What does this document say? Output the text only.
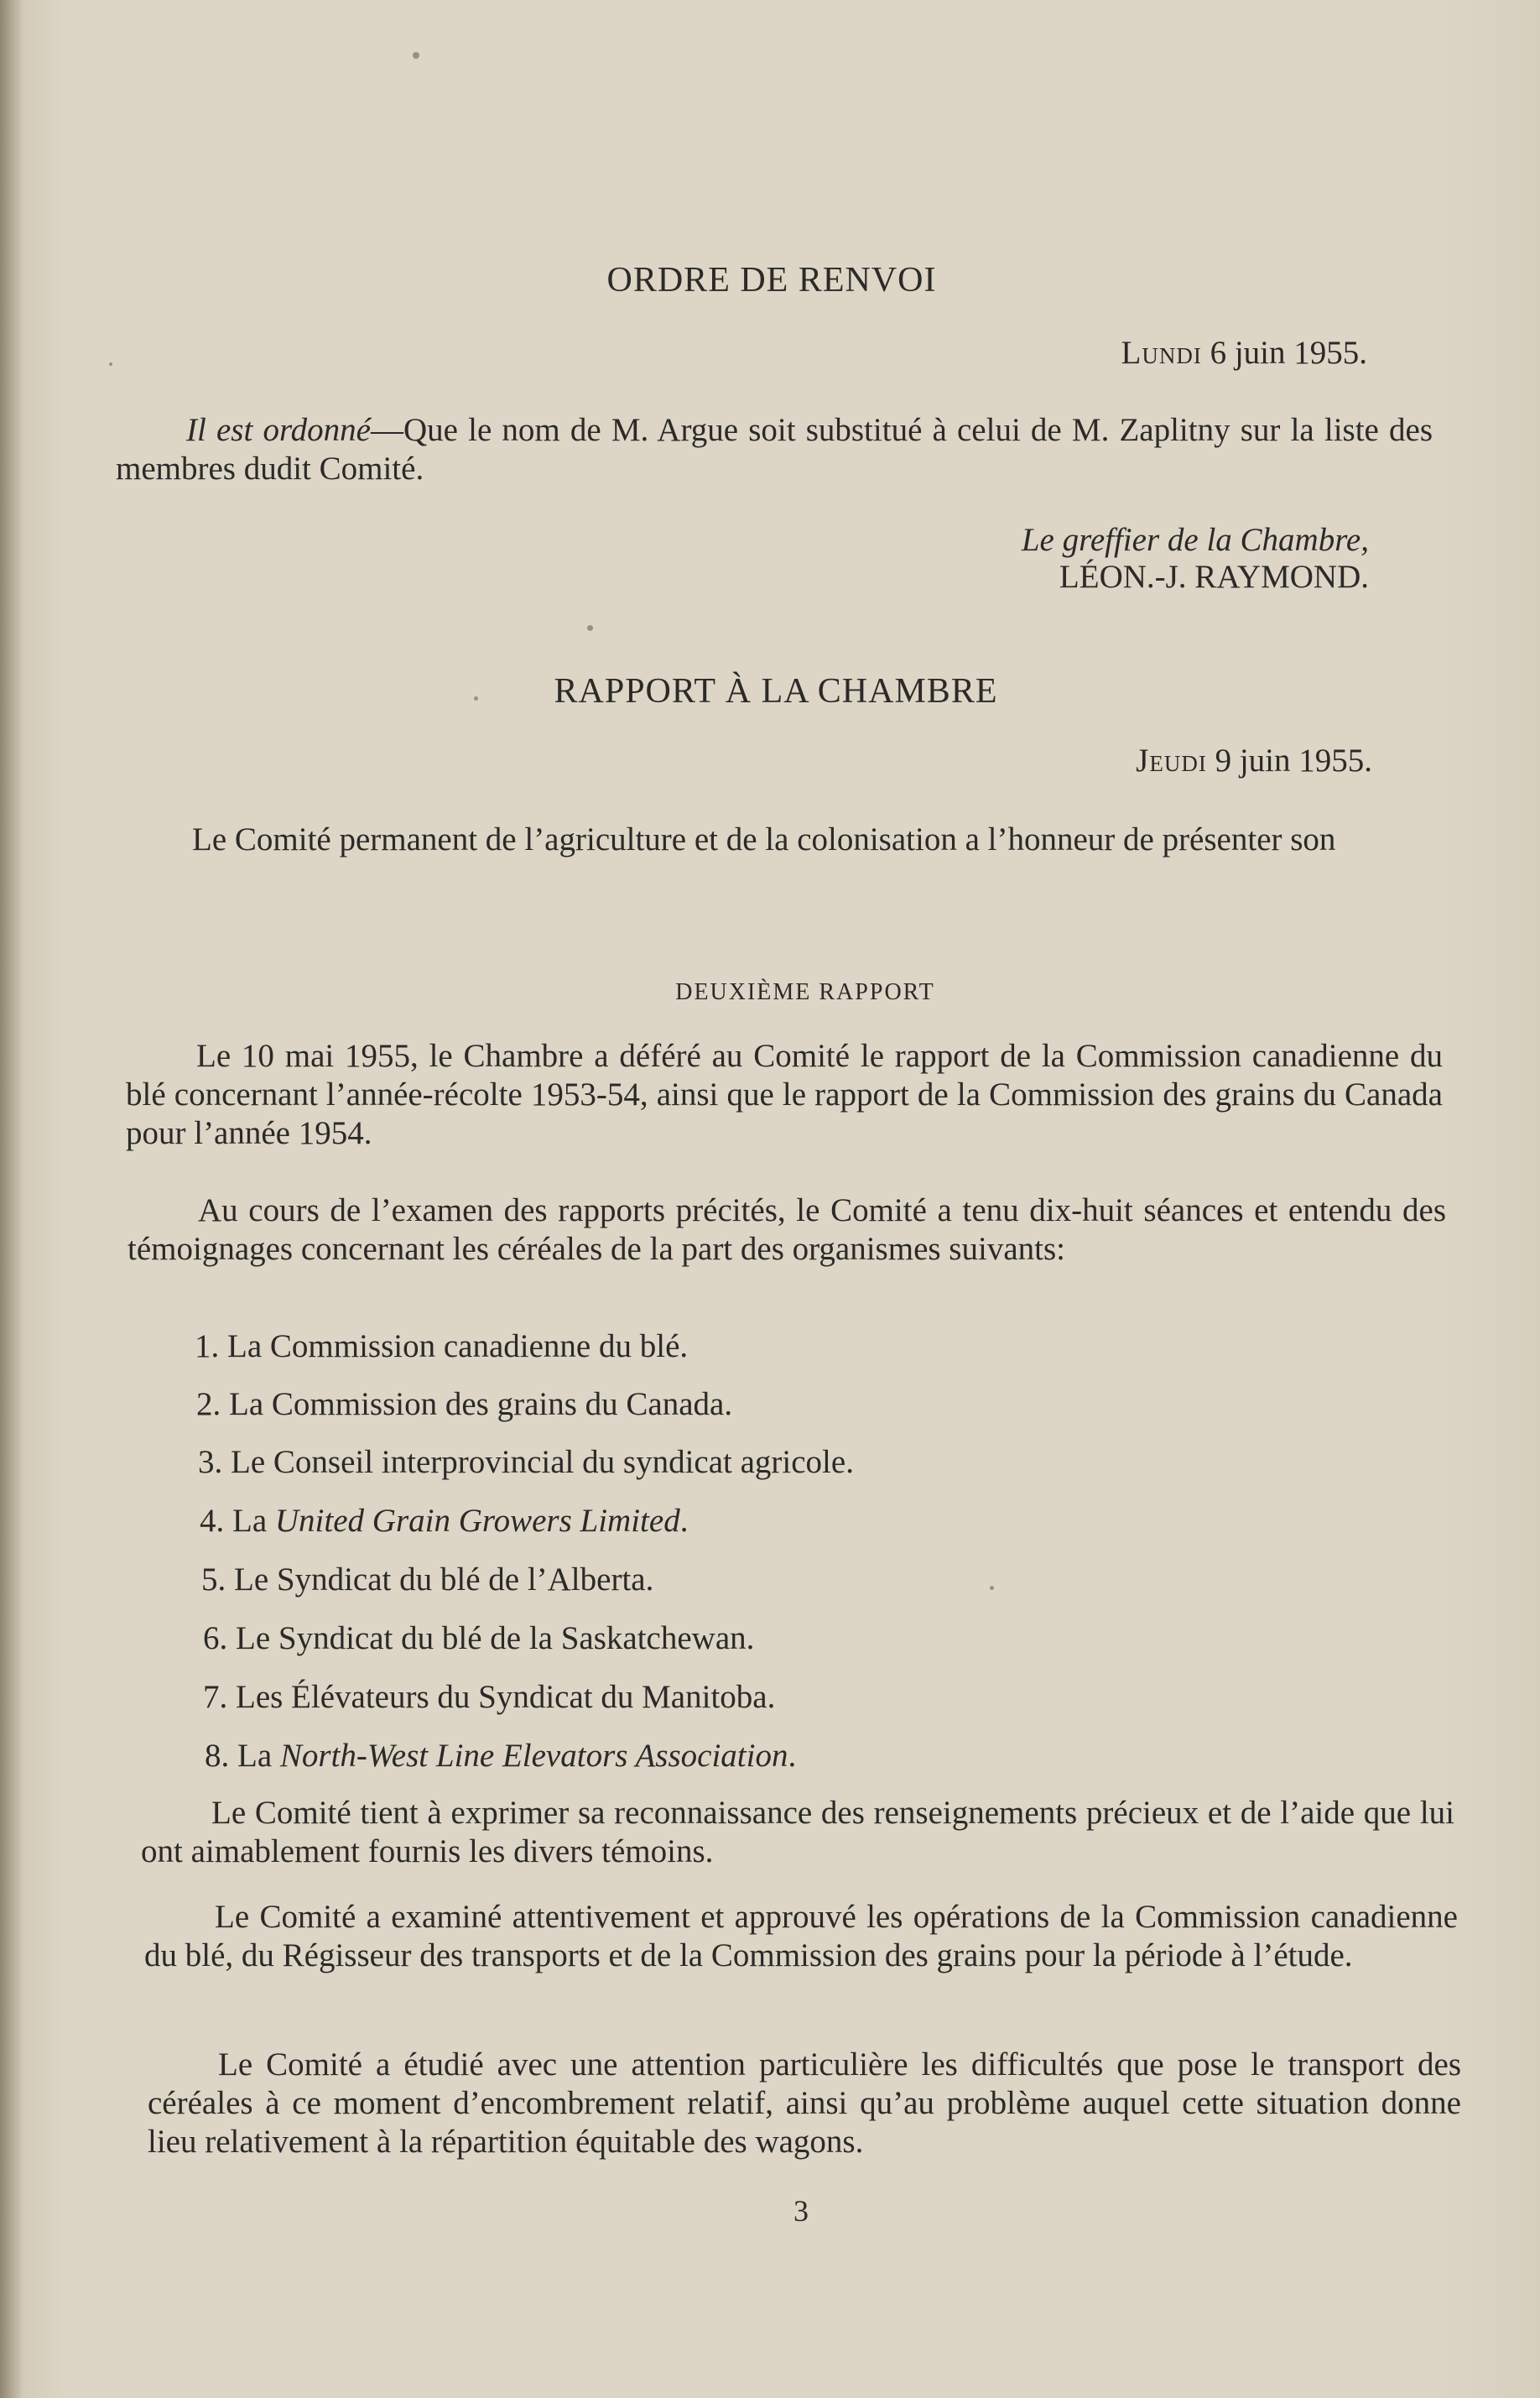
ORDRE DE RENVOI
Lundi 6 juin 1955.
Il est ordonné—Que le nom de M. Argue soit substitué à celui de M. Zaplitny sur la liste des membres dudit Comité.
Le greffier de la Chambre,
LÉON.-J. RAYMOND.
RAPPORT À LA CHAMBRE
Jeudi 9 juin 1955.
Le Comité permanent de l’agriculture et de la colonisation a l’honneur de présenter son
DEUXIÈME RAPPORT
Le 10 mai 1955, le Chambre a déféré au Comité le rapport de la Commission canadienne du blé concernant l’année-récolte 1953-54, ainsi que le rapport de la Commission des grains du Canada pour l’année 1954.
Au cours de l’examen des rapports précités, le Comité a tenu dix-huit séances et entendu des témoignages concernant les céréales de la part des organismes suivants:
1. La Commission canadienne du blé.
2. La Commission des grains du Canada.
3. Le Conseil interprovincial du syndicat agricole.
4. La United Grain Growers Limited.
5. Le Syndicat du blé de l’Alberta.
6. Le Syndicat du blé de la Saskatchewan.
7. Les Élévateurs du Syndicat du Manitoba.
8. La North-West Line Elevators Association.
Le Comité tient à exprimer sa reconnaissance des renseignements précieux et de l’aide que lui ont aimablement fournis les divers témoins.
Le Comité a examiné attentivement et approuvé les opérations de la Commission canadienne du blé, du Régisseur des transports et de la Commission des grains pour la période à l’étude.
Le Comité a étudié avec une attention particulière les difficultés que pose le transport des céréales à ce moment d’encombrement relatif, ainsi qu’au problème auquel cette situation donne lieu relativement à la répartition équitable des wagons.
3
